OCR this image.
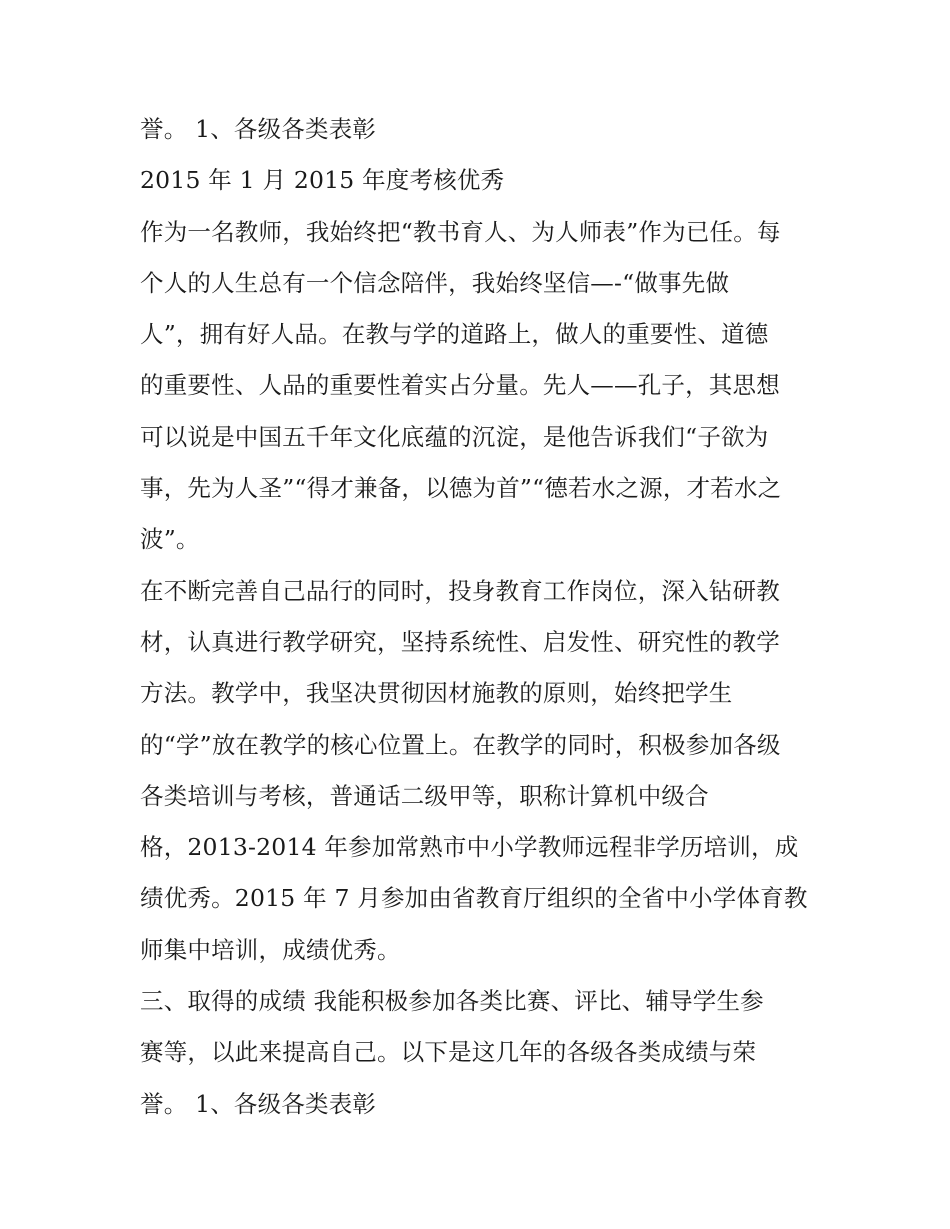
誉。 1、各级各类表彰
2015 年 1 月 2015 年度考核优秀
作为一名教师，我始终把“教书育人、为人师表”作为已任。每
个人的人生总有一个信念陪伴，我始终坚信—-“做事先做
人”，拥有好人品。在教与学的道路上，做人的重要性、道德
的重要性、人品的重要性着实占分量。先人——孔子，其思想
可以说是中国五千年文化底蕴的沉淀，是他告诉我们“子欲为
事，先为人圣”“得才兼备，以德为首”“德若水之源，才若水之
波”。
在不断完善自己品行的同时，投身教育工作岗位，深入钻研教
材，认真进行教学研究，坚持系统性、启发性、研究性的教学
方法。教学中，我坚决贯彻因材施教的原则，始终把学生
的“学”放在教学的核心位置上。在教学的同时，积极参加各级
各类培训与考核，普通话二级甲等，职称计算机中级合
格，2013-2014 年参加常熟市中小学教师远程非学历培训，成
绩优秀。2015 年 7 月参加由省教育厅组织的全省中小学体育教
师集中培训，成绩优秀。
三、取得的成绩 我能积极参加各类比赛、评比、辅导学生参
赛等，以此来提高自己。以下是这几年的各级各类成绩与荣
誉。 1、各级各类表彰
